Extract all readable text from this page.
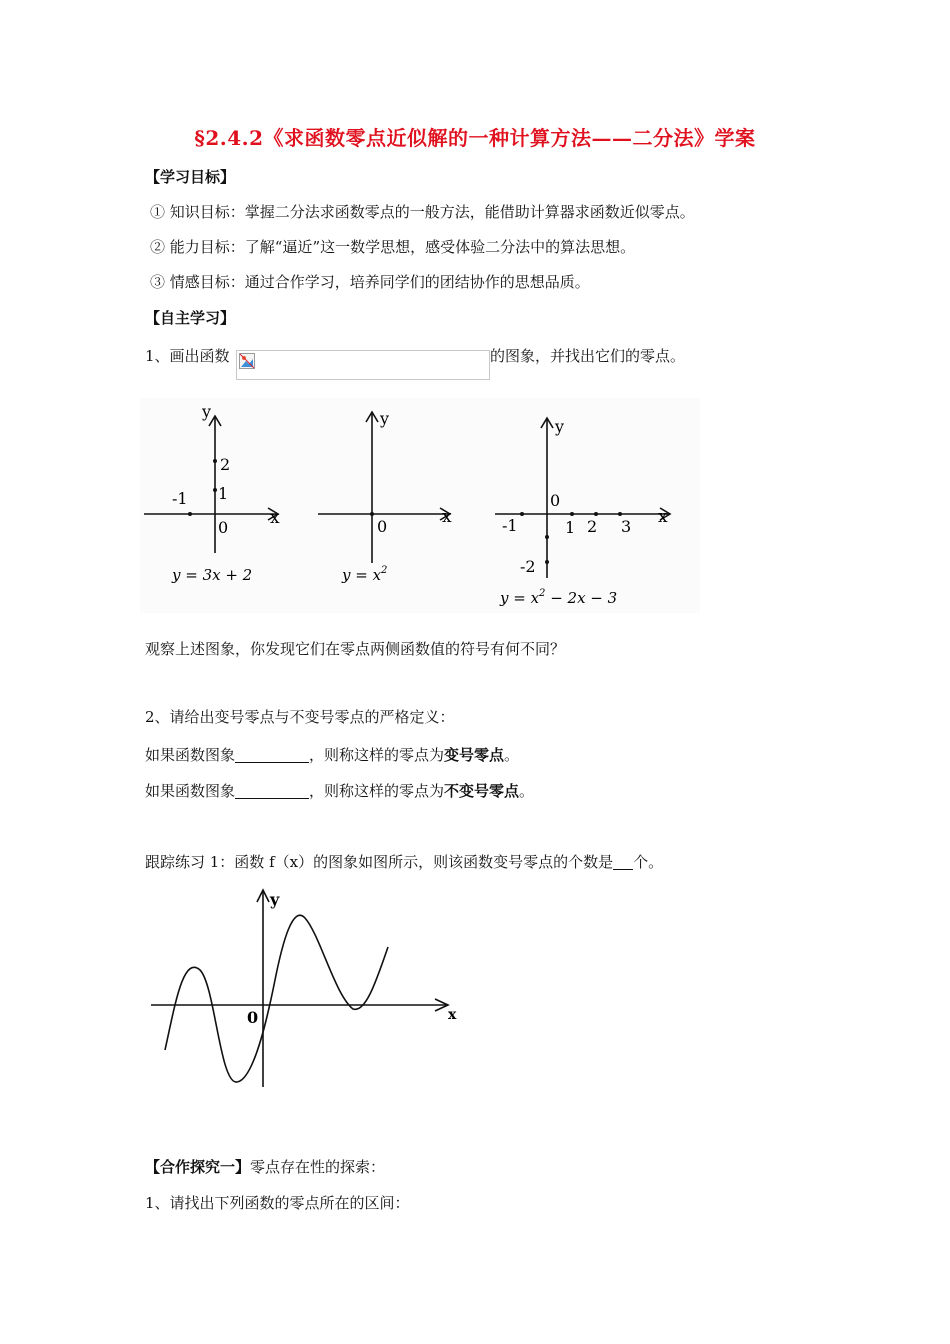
§2.4.2《求函数零点近似解的一种计算方法——二分法》学案
【学习目标】
① 知识目标：掌握二分法求函数零点的一般方法，能借助计算器求函数近似零点。
② 能力目标：了解“逼近”这一数学思想，感受体验二分法中的算法思想。
③ 情感目标：通过合作学习，培养同学们的团结协作的思想品质。
【自主学习】
1、画出函数	的图象，并找出它们的零点。
y
x
0
-1 1
2
y = 3x + 2
y
x
0
$y = x^2$
y
x
0
-1	1 2 3
-2
$y = x^2 - 2x - 3$
观察上述图象，你发现它们在零点两侧函数值的符号有何不同？
2、请给出变号零点与不变号零点的严格定义：
如果函数图象	，则称这样的零点为变号零点。
如果函数图象	，则称这样的零点为不变号零点。
跟踪练习 1：函数 f（x）的图象如图所示，则该函数变号零点的个数是 个。
y
x
0
【合作探究一】零点存在性的探索：
1、请找出下列函数的零点所在的区间：
